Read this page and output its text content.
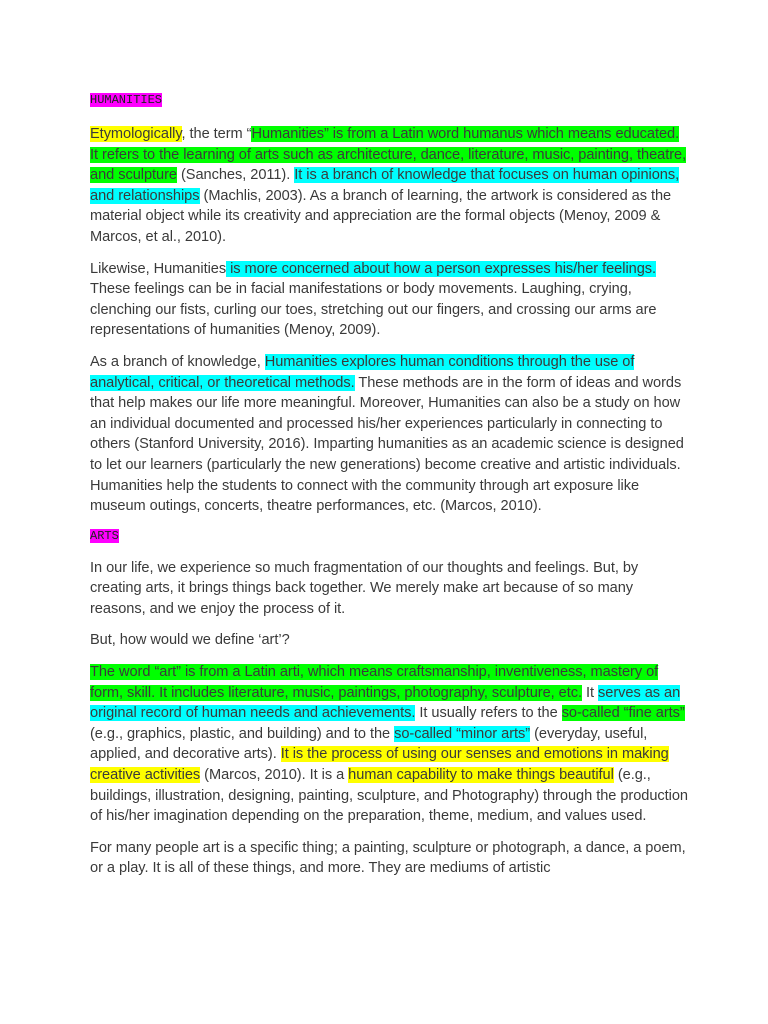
HUMANITIES

Etymologically, the term “Humanities” is from a Latin word humanus which means educated. It refers to the learning of arts such as architecture, dance, literature, music, painting, theatre, and sculpture (Sanches, 2011). It is a branch of knowledge that focuses on human opinions, and relationships (Machlis, 2003). As a branch of learning, the artwork is considered as the material object while its creativity and appreciation are the formal objects (Menoy, 2009 & Marcos, et al., 2010).

Likewise, Humanities is more concerned about how a person expresses his/her feelings. These feelings can be in facial manifestations or body movements. Laughing, crying, clenching our fists, curling our toes, stretching out our fingers, and crossing our arms are representations of humanities (Menoy, 2009).

As a branch of knowledge, Humanities explores human conditions through the use of analytical, critical, or theoretical methods. These methods are in the form of ideas and words that help makes our life more meaningful. Moreover, Humanities can also be a study on how an individual documented and processed his/her experiences particularly in connecting to others (Stanford University, 2016). Imparting humanities as an academic science is designed to let our learners (particularly the new generations) become creative and artistic individuals. Humanities help the students to connect with the community through art exposure like museum outings, concerts, theatre performances, etc. (Marcos, 2010).

ARTS

In our life, we experience so much fragmentation of our thoughts and feelings. But, by creating arts, it brings things back together. We merely make art because of so many reasons, and we enjoy the process of it.

But, how would we define ‘art’?

The word “art” is from a Latin arti, which means craftsmanship, inventiveness, mastery of form, skill. It includes literature, music, paintings, photography, sculpture, etc. It serves as an original record of human needs and achievements. It usually refers to the so-called “fine arts” (e.g., graphics, plastic, and building) and to the so-called “minor arts” (everyday, useful, applied, and decorative arts). It is the process of using our senses and emotions in making creative activities (Marcos, 2010). It is a human capability to make things beautiful (e.g., buildings, illustration, designing, painting, sculpture, and Photography) through the production of his/her imagination depending on the preparation, theme, medium, and values used.

For many people art is a specific thing; a painting, sculpture or photograph, a dance, a poem, or a play. It is all of these things, and more. They are mediums of artistic
